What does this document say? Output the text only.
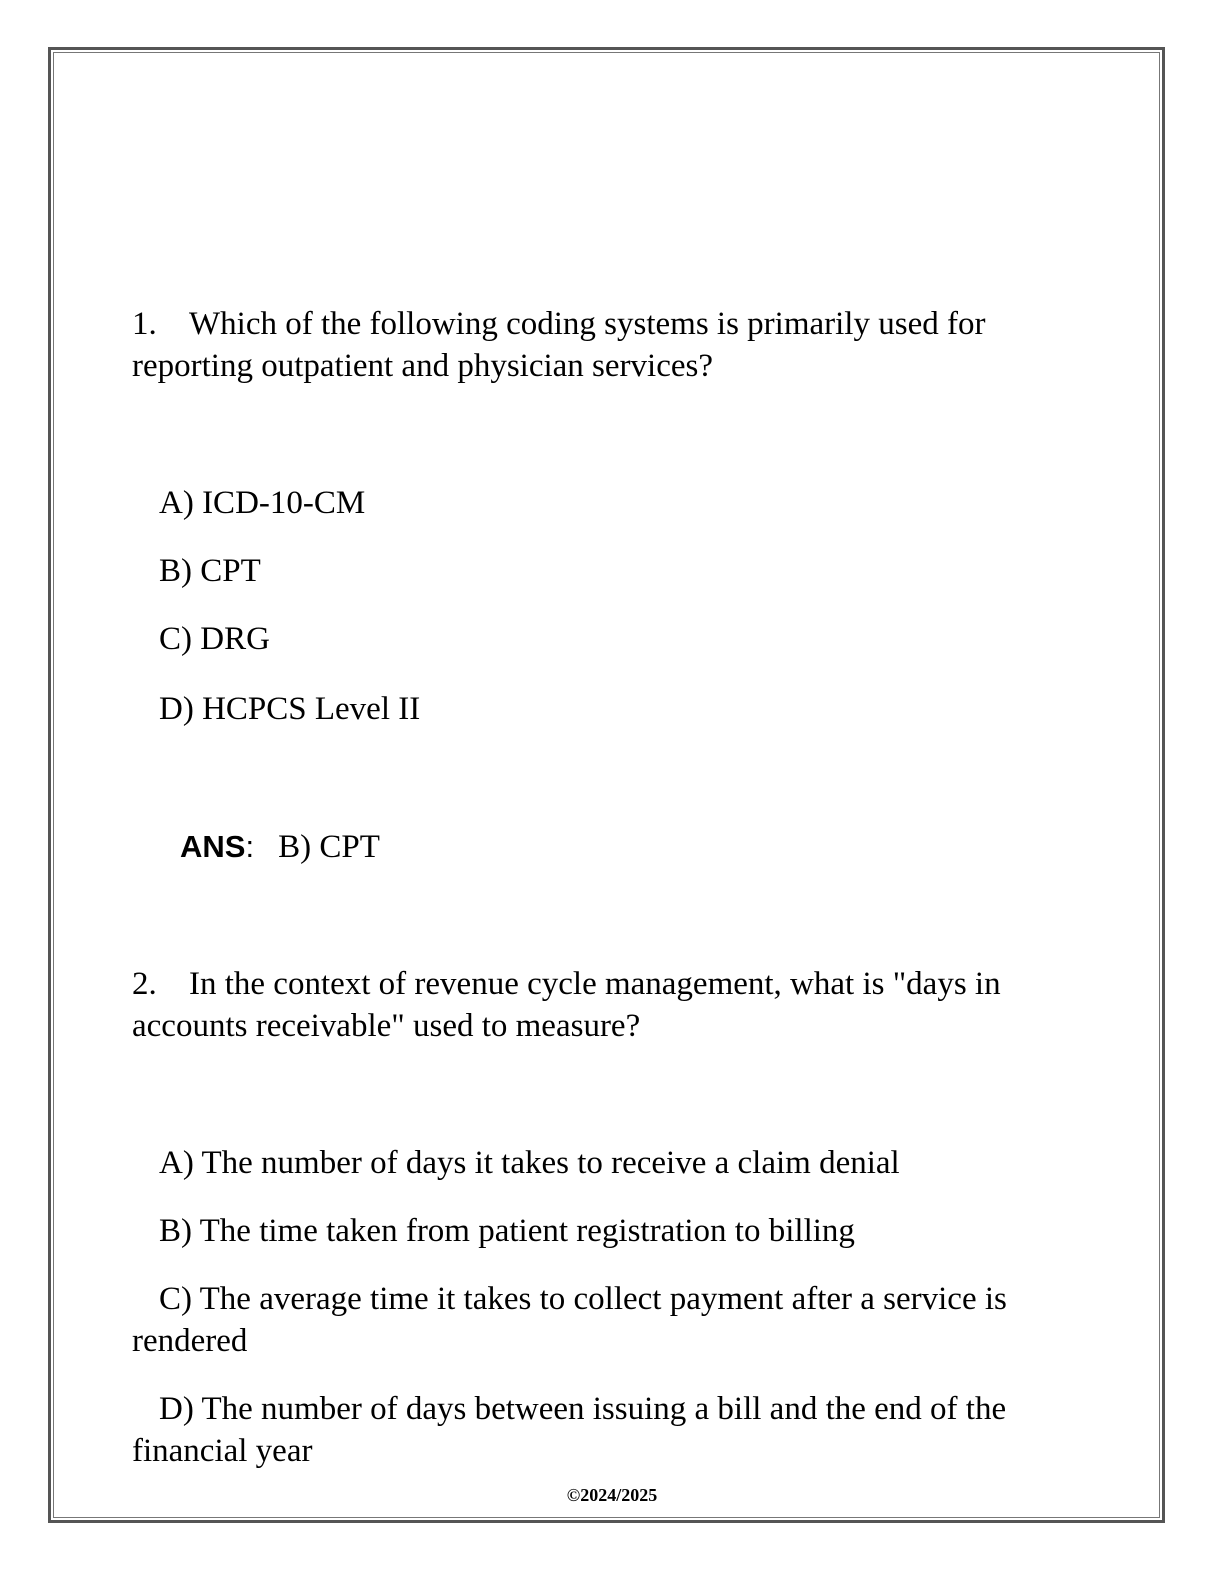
1. Which of the following coding systems is primarily used for
reporting outpatient and physician services?
A) ICD-10-CM
B) CPT
C) DRG
D) HCPCS Level II
ANS: B) CPT
2. In the context of revenue cycle management, what is "days in
accounts receivable" used to measure?
A) The number of days it takes to receive a claim denial
B) The time taken from patient registration to billing
C) The average time it takes to collect payment after a service is
rendered
D) The number of days between issuing a bill and the end of the
financial year
©2024/2025
